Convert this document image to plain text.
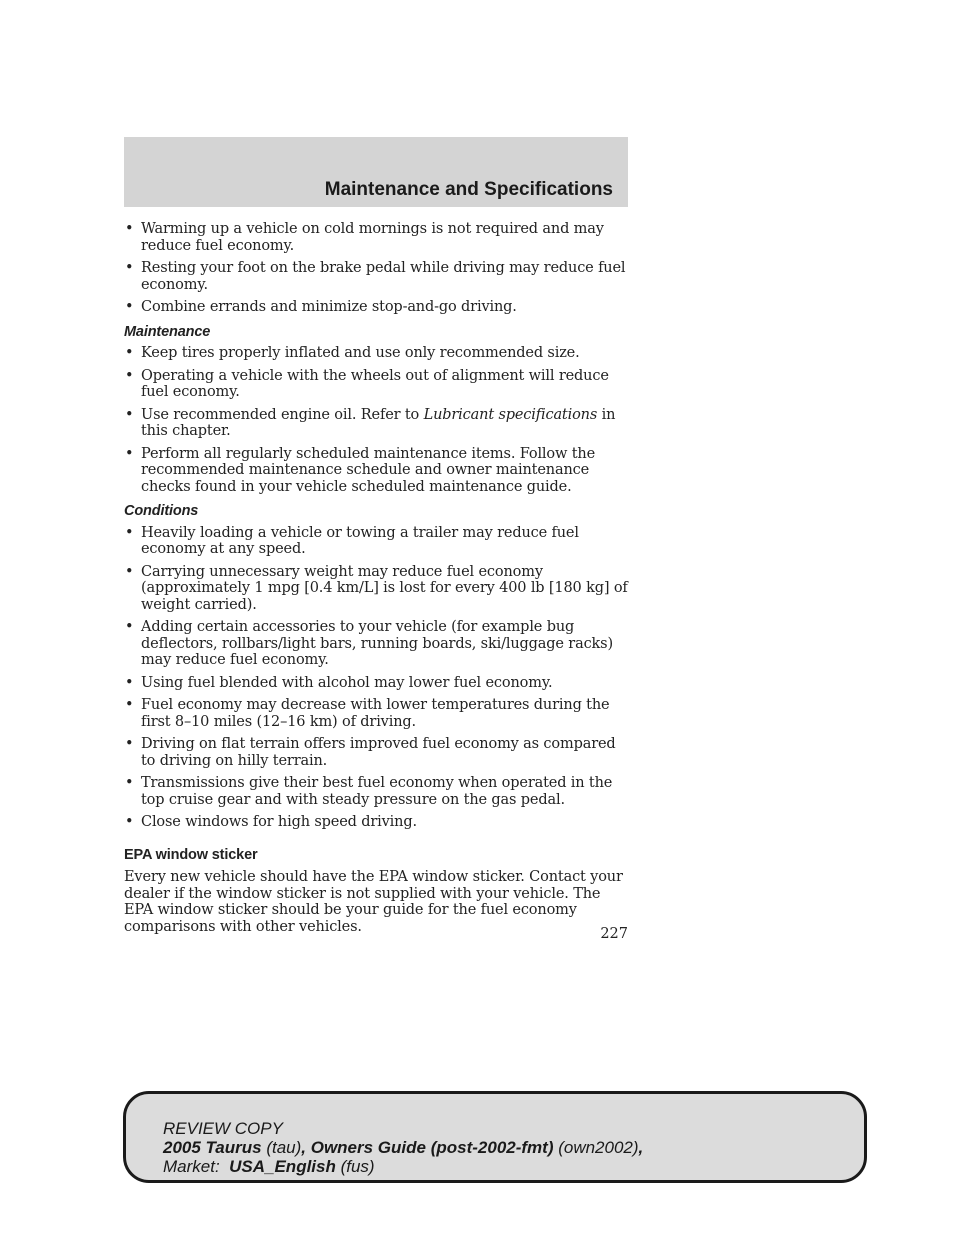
Maintenance and Specifications
• Warming up a vehicle on cold mornings is not required and may reduce fuel economy.
• Resting your foot on the brake pedal while driving may reduce fuel economy.
• Combine errands and minimize stop-and-go driving.
Maintenance
• Keep tires properly inflated and use only recommended size.
• Operating a vehicle with the wheels out of alignment will reduce fuel economy.
• Use recommended engine oil. Refer to Lubricant specifications in this chapter.
• Perform all regularly scheduled maintenance items. Follow the recommended maintenance schedule and owner maintenance checks found in your vehicle scheduled maintenance guide.
Conditions
• Heavily loading a vehicle or towing a trailer may reduce fuel economy at any speed.
• Carrying unnecessary weight may reduce fuel economy (approximately 1 mpg [0.4 km/L] is lost for every 400 lb [180 kg] of weight carried).
• Adding certain accessories to your vehicle (for example bug deflectors, rollbars/light bars, running boards, ski/luggage racks) may reduce fuel economy.
• Using fuel blended with alcohol may lower fuel economy.
• Fuel economy may decrease with lower temperatures during the first 8–10 miles (12–16 km) of driving.
• Driving on flat terrain offers improved fuel economy as compared to driving on hilly terrain.
• Transmissions give their best fuel economy when operated in the top cruise gear and with steady pressure on the gas pedal.
• Close windows for high speed driving.
EPA window sticker

Every new vehicle should have the EPA window sticker. Contact your dealer if the window sticker is not supplied with your vehicle. The EPA window sticker should be your guide for the fuel economy comparisons with other vehicles.	227
REVIEW COPY
2005 Taurus (tau), Owners Guide (post-2002-fmt) (own2002),
Market:  USA_English (fus)
